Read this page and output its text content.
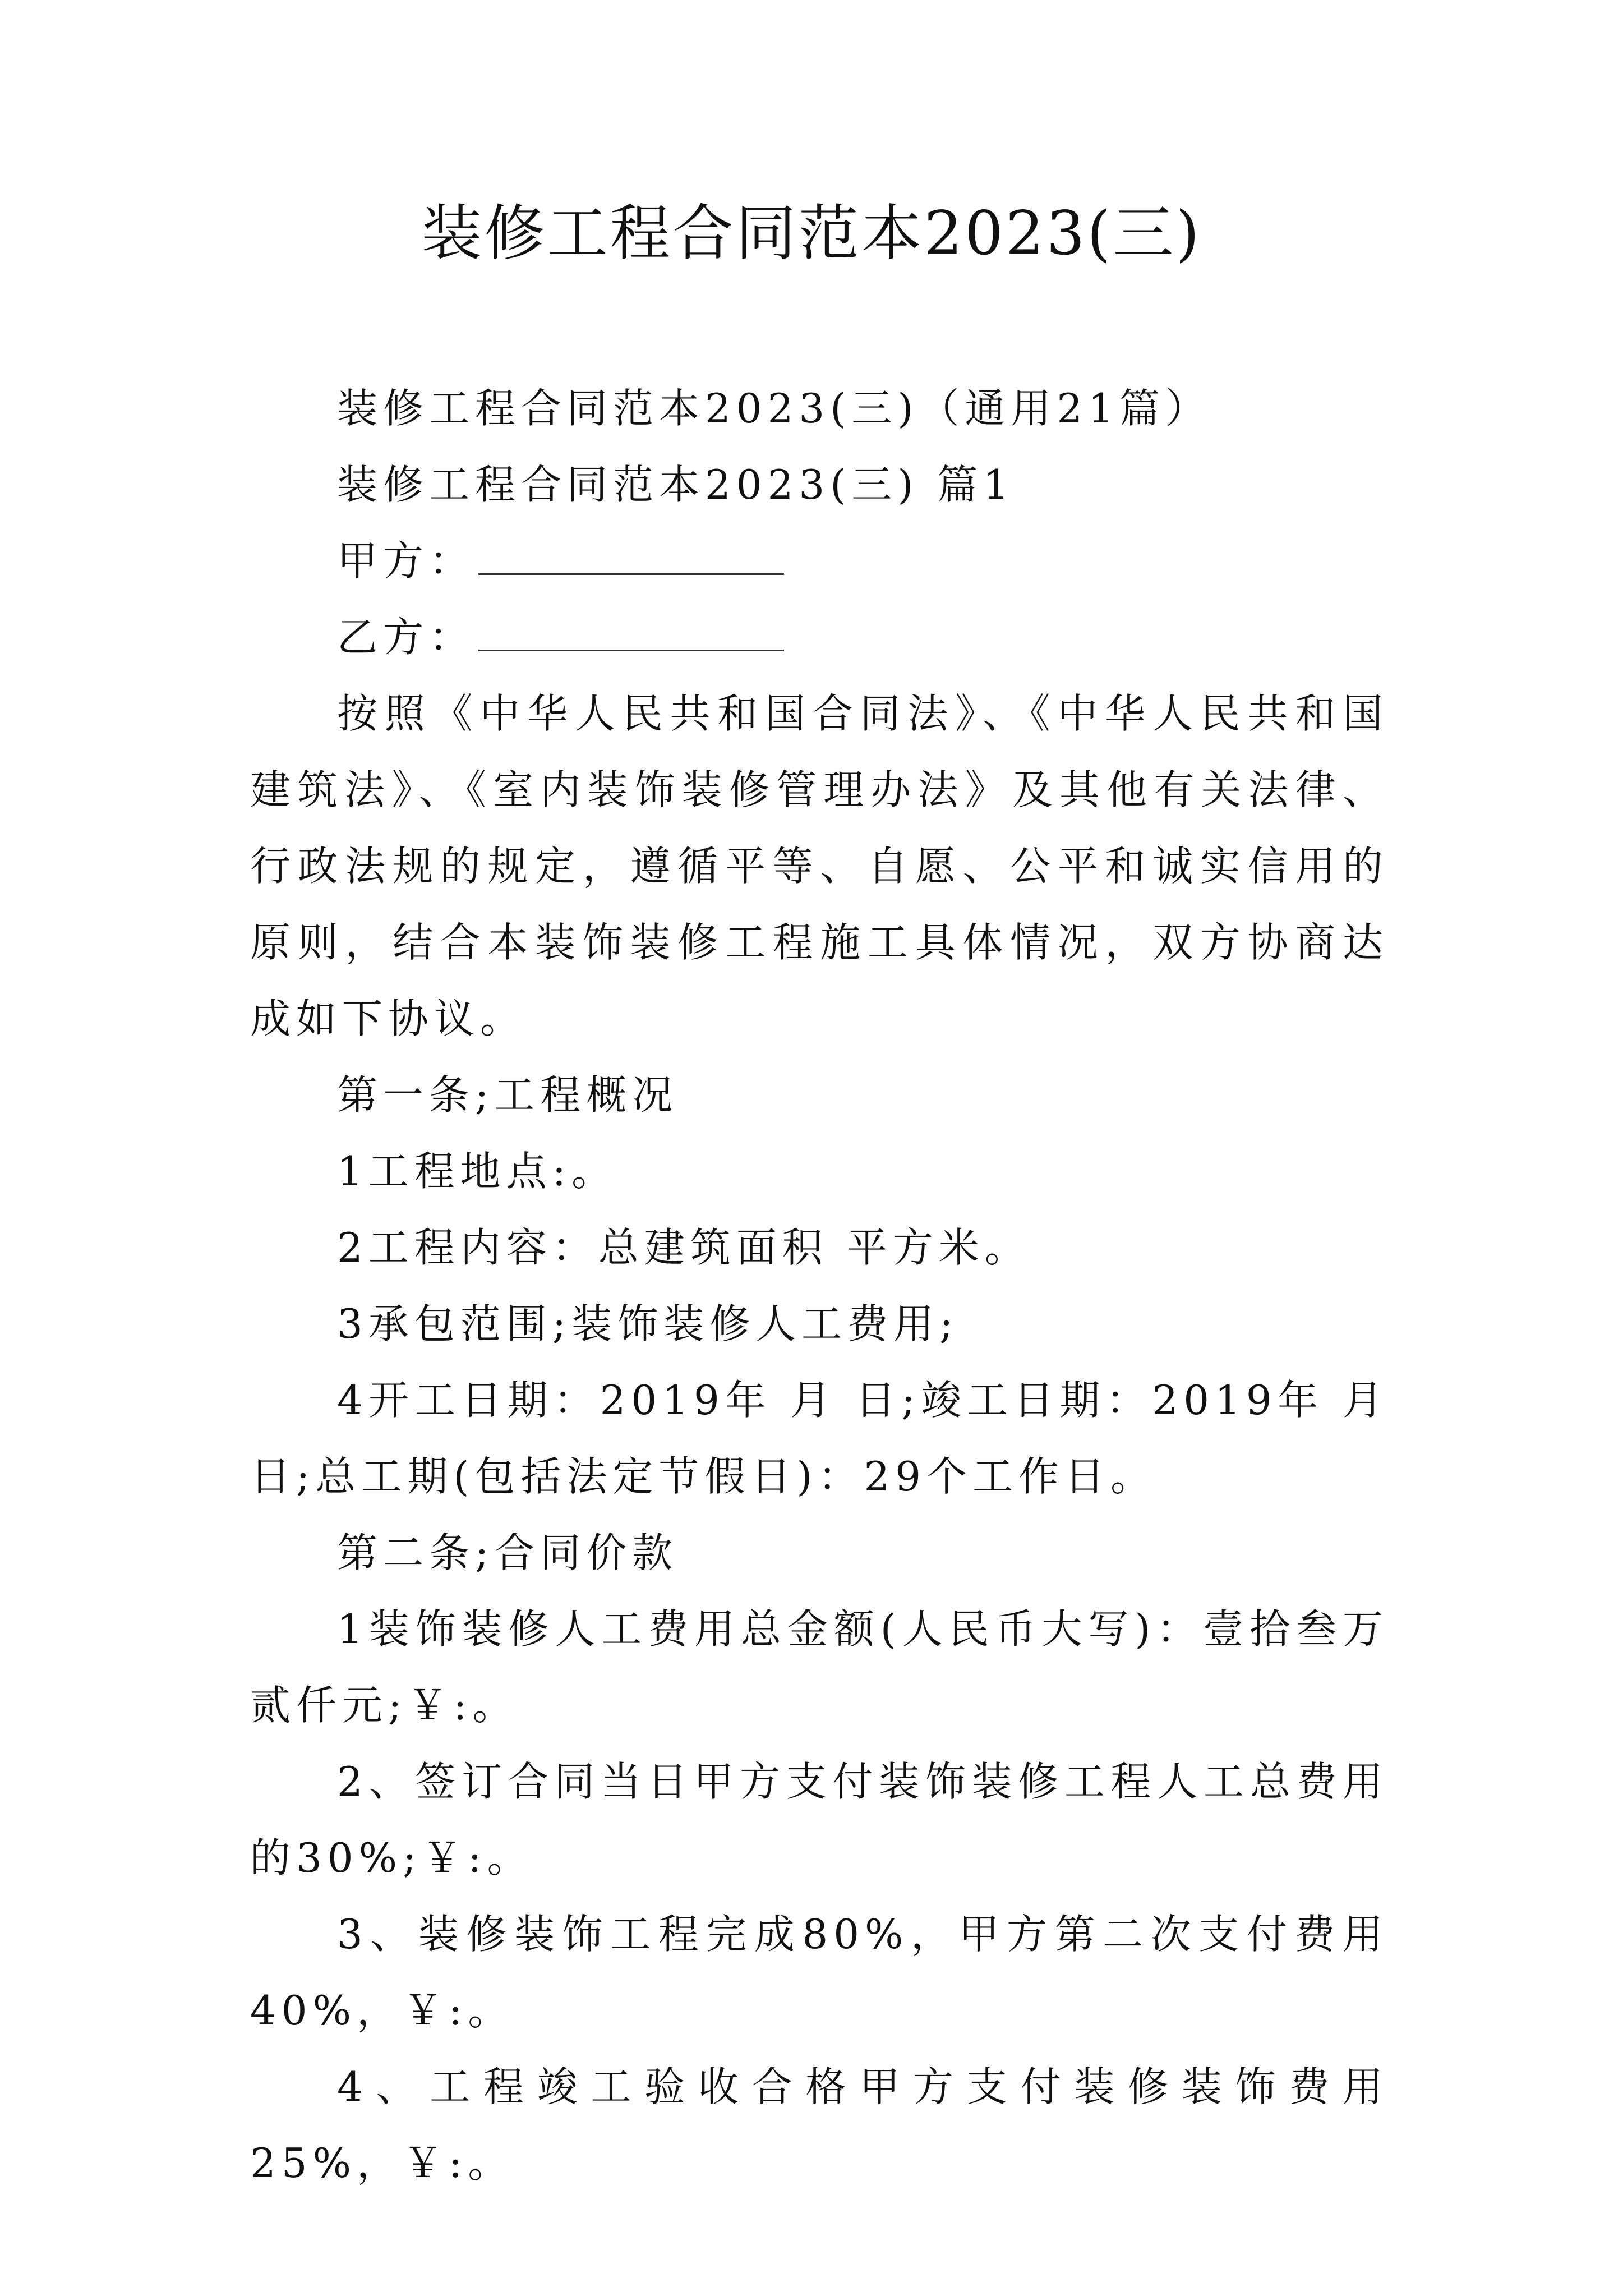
装修工程合同范本2023(三)

装修工程合同范本2023(三)（通用21篇）

装修工程合同范本2023(三) 篇1

甲方：

乙方：

按照《中华人民共和国合同法》、《中华人民共和国建筑法》、《室内装饰装修管理办法》及其他有关法律、行政法规的规定，遵循平等、自愿、公平和诚实信用的原则，结合本装饰装修工程施工具体情况，双方协商达成如下协议。

第一条;工程概况

1工程地点:。

2工程内容：总建筑面积 平方米。

3承包范围;装饰装修人工费用;

4开工日期：2019年 月 日;竣工日期：2019年 月 日;总工期(包括法定节假日)：29个工作日。

第二条;合同价款

1装饰装修人工费用总金额(人民币大写)：壹拾叁万贰仟元;￥:。

2、签订合同当日甲方支付装饰装修工程人工总费用的30%;￥:。

3、装修装饰工程完成80%，甲方第二次支付费用40%，￥:。

4、工程竣工验收合格甲方支付装修装饰费用25%，￥:。
